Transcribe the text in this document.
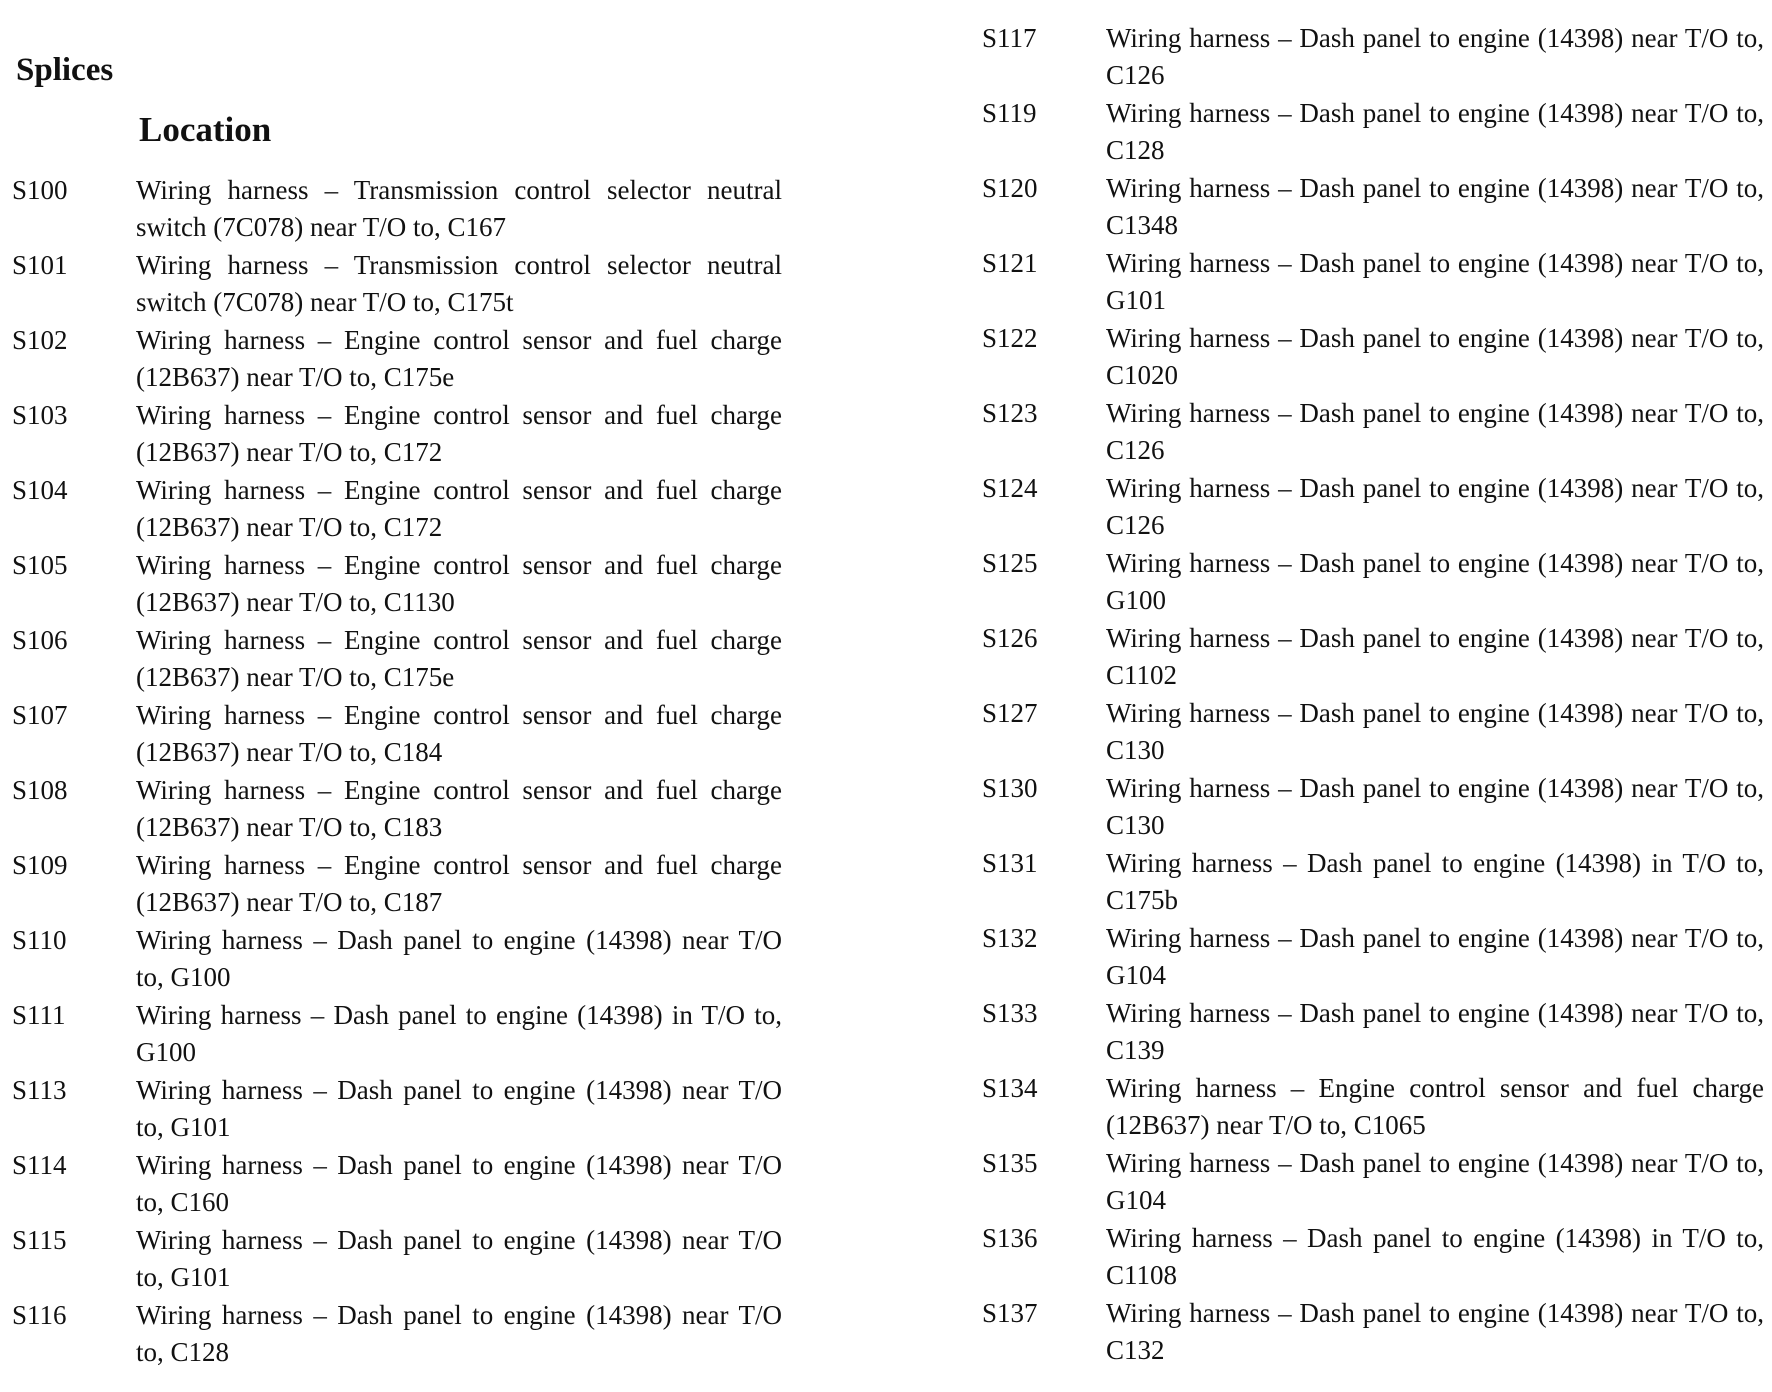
Splices
Location
S100	Wiring harness – Transmission control selector neutral switch (7C078) near T/O to, C167
S101	Wiring harness – Transmission control selector neutral switch (7C078) near T/O to, C175t
S102	Wiring harness – Engine control sensor and fuel charge (12B637) near T/O to, C175e
S103	Wiring harness – Engine control sensor and fuel charge (12B637) near T/O to, C172
S104	Wiring harness – Engine control sensor and fuel charge (12B637) near T/O to, C172
S105	Wiring harness – Engine control sensor and fuel charge (12B637) near T/O to, C1130
S106	Wiring harness – Engine control sensor and fuel charge (12B637) near T/O to, C175e
S107	Wiring harness – Engine control sensor and fuel charge (12B637) near T/O to, C184
S108	Wiring harness – Engine control sensor and fuel charge (12B637) near T/O to, C183
S109	Wiring harness – Engine control sensor and fuel charge (12B637) near T/O to, C187
S110	Wiring harness – Dash panel to engine (14398) near T/O to, G100
S111	Wiring harness – Dash panel to engine (14398) in T/O to, G100
S113	Wiring harness – Dash panel to engine (14398) near T/O to, G101
S114	Wiring harness – Dash panel to engine (14398) near T/O to, C160
S115	Wiring harness – Dash panel to engine (14398) near T/O to, G101
S116	Wiring harness – Dash panel to engine (14398) near T/O to, C128
S117	Wiring harness – Dash panel to engine (14398) near T/O to, C126
S119	Wiring harness – Dash panel to engine (14398) near T/O to, C128
S120	Wiring harness – Dash panel to engine (14398) near T/O to, C1348
S121	Wiring harness – Dash panel to engine (14398) near T/O to, G101
S122	Wiring harness – Dash panel to engine (14398) near T/O to, C1020
S123	Wiring harness – Dash panel to engine (14398) near T/O to, C126
S124	Wiring harness – Dash panel to engine (14398) near T/O to, C126
S125	Wiring harness – Dash panel to engine (14398) near T/O to, G100
S126	Wiring harness – Dash panel to engine (14398) near T/O to, C1102
S127	Wiring harness – Dash panel to engine (14398) near T/O to, C130
S130	Wiring harness – Dash panel to engine (14398) near T/O to, C130
S131	Wiring harness – Dash panel to engine (14398) in T/O to, C175b
S132	Wiring harness – Dash panel to engine (14398) near T/O to, G104
S133	Wiring harness – Dash panel to engine (14398) near T/O to, C139
S134	Wiring harness – Engine control sensor and fuel charge (12B637) near T/O to, C1065
S135	Wiring harness – Dash panel to engine (14398) near T/O to, G104
S136	Wiring harness – Dash panel to engine (14398) in T/O to, C1108
S137	Wiring harness – Dash panel to engine (14398) near T/O to, C132
